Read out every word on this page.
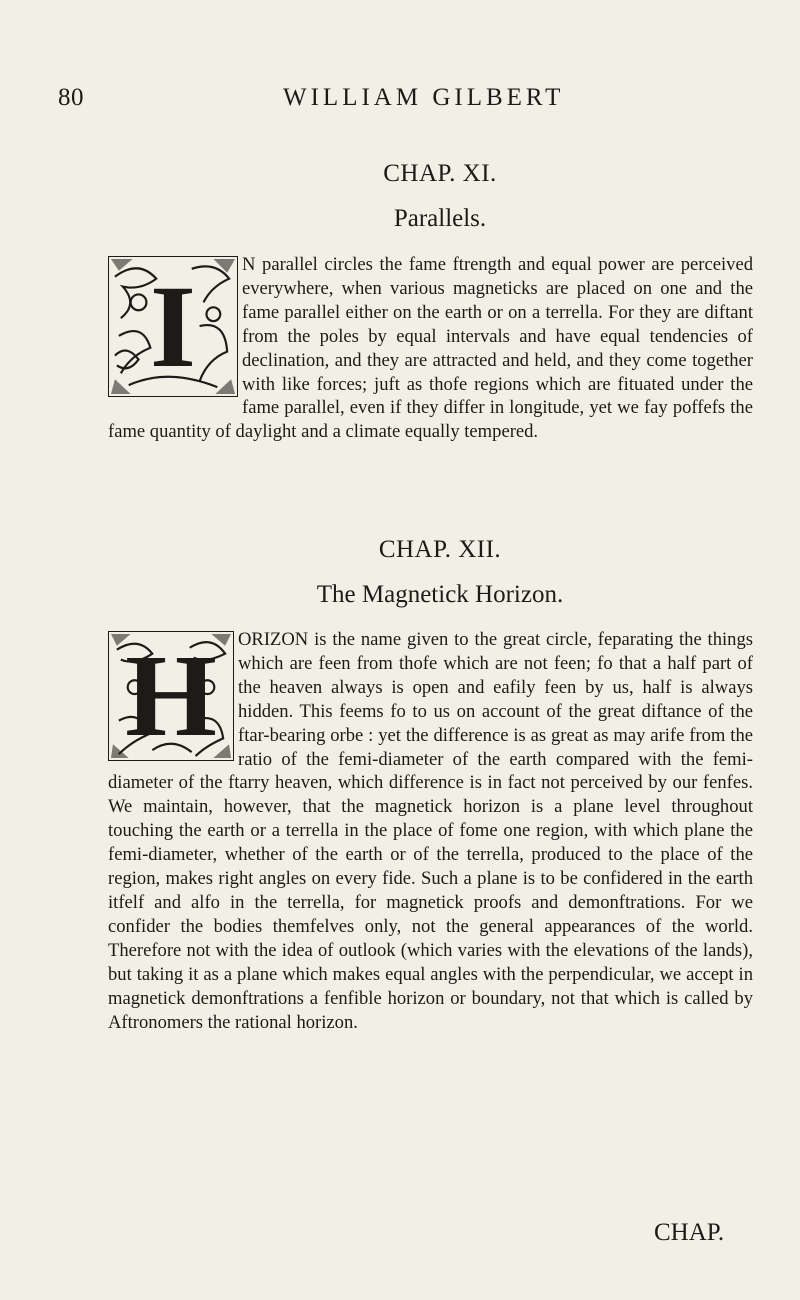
80	WILLIAM GILBERT
CHAP. XI.
Parallels.
I	N parallel circles the fame ftrength and equal power are perceived everywhere, when various magneticks are placed on one and the fame parallel either on the earth or on a terrella. For they are diftant from the poles by equal intervals and have equal tendencies of declination, and they are attracted and held, and they come together with like forces; juft as thofe regions which are fituated under the fame parallel, even if they differ in longitude, yet we fay poffefs the fame quantity of daylight and a climate equally tempered.
CHAP. XII.
The Magnetick Horizon.
H	ORIZON is the name given to the great circle, feparating the things which are feen from thofe which are not feen; fo that a half part of the heaven always is open and eafily feen by us, half is always hidden. This feems fo to us on account of the great diftance of the ftar-bearing orbe : yet the difference is as great as may arife from the ratio of the femi-diameter of the earth compared with the femi-diameter of the ftarry heaven, which difference is in fact not perceived by our fenfes. We maintain, however, that the magnetick horizon is a plane level throughout touching the earth or a terrella in the place of fome one region, with which plane the femi-diameter, whether of the earth or of the terrella, produced to the place of the region, makes right angles on every fide. Such a plane is to be confidered in the earth itfelf and alfo in the terrella, for magnetick proofs and demonftrations. For we confider the bodies themfelves only, not the general appearances of the world. Therefore not with the idea of outlook (which varies with the elevations of the lands), but taking it as a plane which makes equal angles with the perpendicular, we accept in magnetick demonftrations a fenfible horizon or boundary, not that which is called by Aftronomers the rational horizon.
CHAP.
